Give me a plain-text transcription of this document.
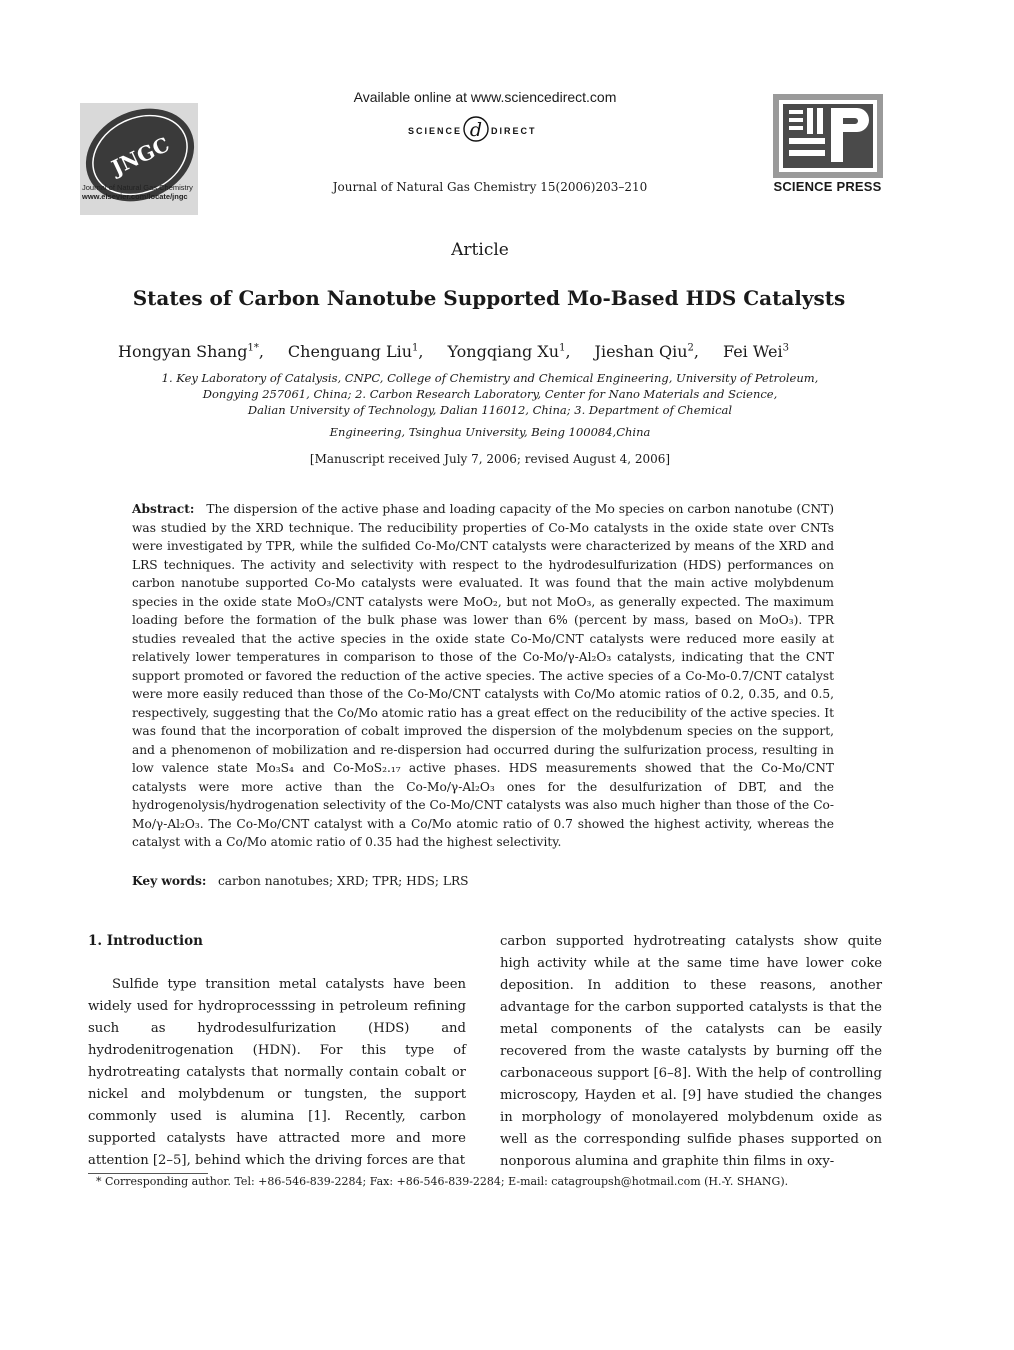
JNGC
Journal of Natural Gas Chemistry
www.elsevier.com/locate/jngc
Available online at www.sciencedirect.com
SCIENCE d DIRECT
Journal of Natural Gas Chemistry 15(2006)203–210
SP
SCIENCE PRESS
Article
States of Carbon Nanotube Supported Mo-Based HDS Catalysts
Hongyan Shang$^{1*}$, Chenguang Liu$^1$, Yongqiang Xu$^1$, Jieshan Qiu$^2$, Fei Wei$^3$
1. Key Laboratory of Catalysis, CNPC, College of Chemistry and Chemical Engineering, University of Petroleum,
Dongying 257061, China; 2. Carbon Research Laboratory, Center for Nano Materials and Science,
Dalian University of Technology, Dalian 116012, China; 3. Department of Chemical
Engineering, Tsinghua University, Being 100084,China
[Manuscript received July 7, 2006; revised August 4, 2006]
Abstract: The dispersion of the active phase and loading capacity of the Mo species on carbon nanotube (CNT) was studied by the XRD technique. The reducibility properties of Co-Mo catalysts in the oxide state over CNTs were investigated by TPR, while the sulfided Co-Mo/CNT catalysts were characterized by means of the XRD and LRS techniques. The activity and selectivity with respect to the hydrodesulfurization (HDS) performances on carbon nanotube supported Co-Mo catalysts were evaluated. It was found that the main active molybdenum species in the oxide state MoO₃/CNT catalysts were MoO₂, but not MoO₃, as generally expected. The maximum loading before the formation of the bulk phase was lower than 6% (percent by mass, based on MoO₃). TPR studies revealed that the active species in the oxide state Co-Mo/CNT catalysts were reduced more easily at relatively lower temperatures in comparison to those of the Co-Mo/γ-Al₂O₃ catalysts, indicating that the CNT support promoted or favored the reduction of the active species. The active species of a Co-Mo-0.7/CNT catalyst were more easily reduced than those of the Co-Mo/CNT catalysts with Co/Mo atomic ratios of 0.2, 0.35, and 0.5, respectively, suggesting that the Co/Mo atomic ratio has a great effect on the reducibility of the active species. It was found that the incorporation of cobalt improved the dispersion of the molybdenum species on the support, and a phenomenon of mobilization and re-dispersion had occurred during the sulfurization process, resulting in low valence state Mo₃S₄ and Co-MoS₂.₁₇ active phases. HDS measurements showed that the Co-Mo/CNT catalysts were more active than the Co-Mo/γ-Al₂O₃ ones for the desulfurization of DBT, and the hydrogenolysis/hydrogenation selectivity of the Co-Mo/CNT catalysts was also much higher than those of the Co-Mo/γ-Al₂O₃. The Co-Mo/CNT catalyst with a Co/Mo atomic ratio of 0.7 showed the highest activity, whereas the catalyst with a Co/Mo atomic ratio of 0.35 had the highest selectivity.
Key words: carbon nanotubes; XRD; TPR; HDS; LRS
1. Introduction
Sulfide type transition metal catalysts have been widely used for hydroprocesssing in petroleum refining such as hydrodesulfurization (HDS) and hydrodenitrogenation (HDN). For this type of hydrotreating catalysts that normally contain cobalt or nickel and molybdenum or tungsten, the support commonly used is alumina [1]. Recently, carbon supported catalysts have attracted more and more attention [2–5], behind which the driving forces are that
carbon supported hydrotreating catalysts show quite high activity while at the same time have lower coke deposition. In addition to these reasons, another advantage for the carbon supported catalysts is that the metal components of the catalysts can be easily recovered from the waste catalysts by burning off the carbonaceous support [6–8]. With the help of controlling microscopy, Hayden et al. [9] have studied the changes in morphology of monolayered molybdenum oxide as well as the corresponding sulfide phases supported on nonporous alumina and graphite thin films in oxy-
* Corresponding author. Tel: +86-546-839-2284; Fax: +86-546-839-2284; E-mail: catagroupsh@hotmail.com (H.-Y. SHANG).
